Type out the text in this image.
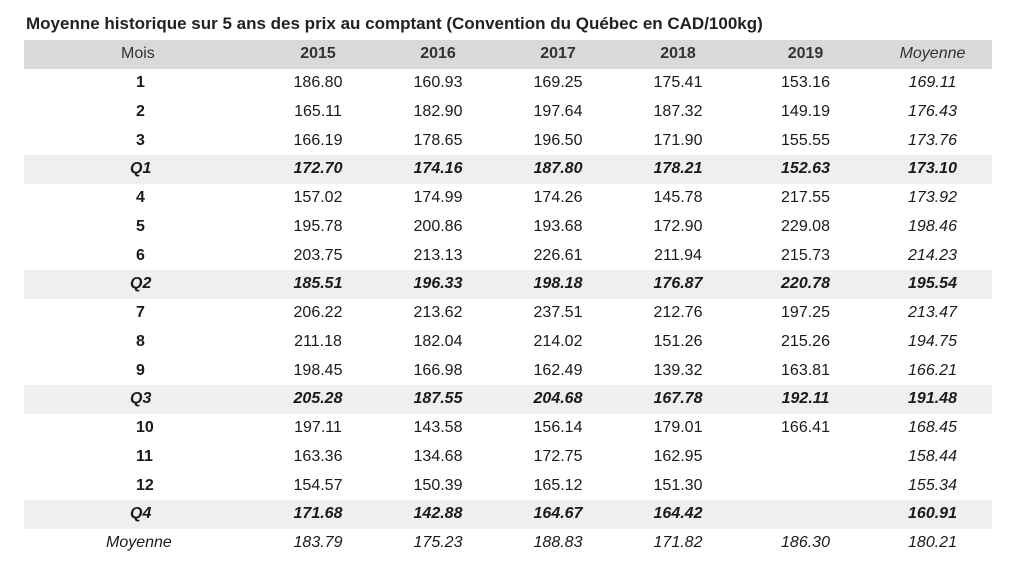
Moyenne historique sur 5 ans des prix au comptant (Convention du Québec en CAD/100kg)
Mois	2015	2016	2017	2018	2019	Moyenne
1	186.80	160.93	169.25	175.41	153.16	169.11
2	165.11	182.90	197.64	187.32	149.19	176.43
3	166.19	178.65	196.50	171.90	155.55	173.76
Q1	172.70	174.16	187.80	178.21	152.63	173.10
4	157.02	174.99	174.26	145.78	217.55	173.92
5	195.78	200.86	193.68	172.90	229.08	198.46
6	203.75	213.13	226.61	211.94	215.73	214.23
Q2	185.51	196.33	198.18	176.87	220.78	195.54
7	206.22	213.62	237.51	212.76	197.25	213.47
8	211.18	182.04	214.02	151.26	215.26	194.75
9	198.45	166.98	162.49	139.32	163.81	166.21
Q3	205.28	187.55	204.68	167.78	192.11	191.48
10	197.11	143.58	156.14	179.01	166.41	168.45
11	163.36	134.68	172.75	162.95		158.44
12	154.57	150.39	165.12	151.30		155.34
Q4	171.68	142.88	164.67	164.42		160.91
Moyenne	183.79	175.23	188.83	171.82	186.30	180.21
